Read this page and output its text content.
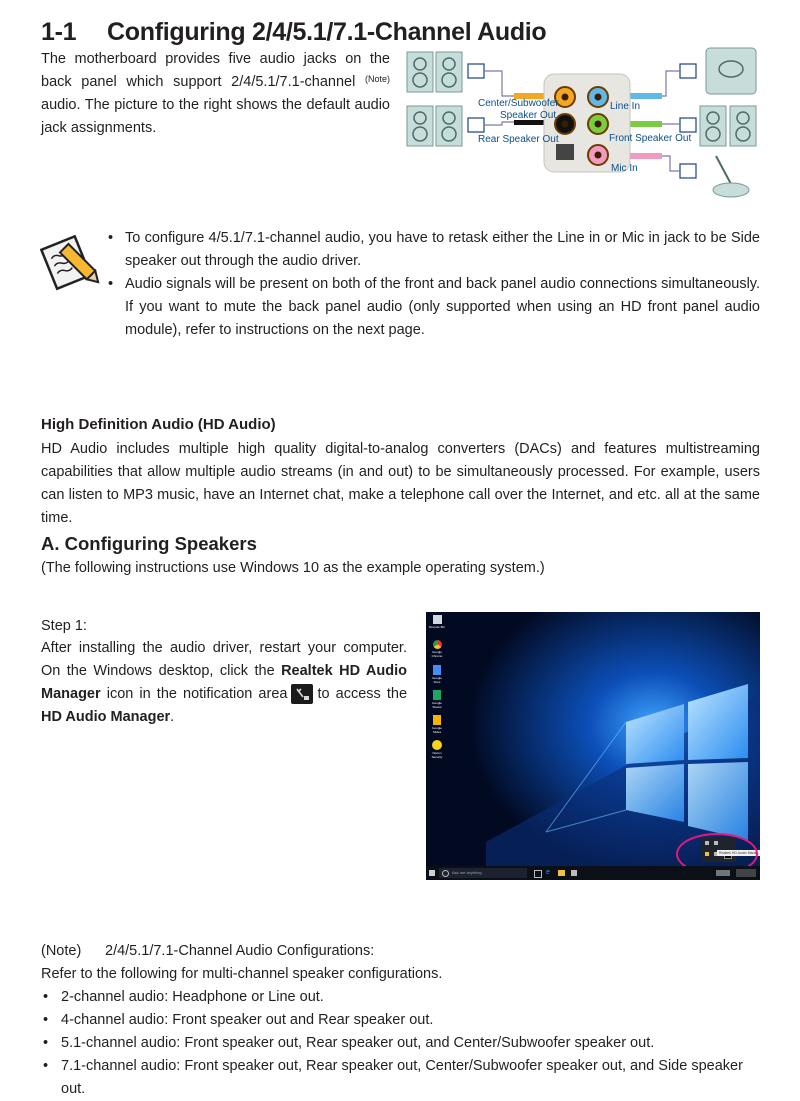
1-1 Configuring 2/4/5.1/7.1-Channel Audio
The motherboard provides five audio jacks on the back panel which support 2/4/5.1/7.1-channel $^{(Note)}$ audio. The picture to the right shows the default audio jack assignments.
Center/Subwoofer
Speaker Out
Rear Speaker Out
Line In
Front Speaker Out
Mic In
• To configure 4/5.1/7.1-channel audio, you have to retask either the Line in or Mic in jack to be Side speaker out through the audio driver.
• Audio signals will be present on both of the front and back panel audio connections simultaneously. If you want to mute the back panel audio (only supported when using an HD front panel audio module), refer to instructions on the next page.
High Definition Audio (HD Audio)
HD Audio includes multiple high quality digital-to-analog converters (DACs) and features multistreaming capabilities that allow multiple audio streams (in and out) to be simultaneously processed. For example, users can listen to MP3 music, have an Internet chat, make a telephone call over the Internet, and etc. all at the same time.
A. Configuring Speakers
(The following instructions use Windows 10 as the example operating system.)
Step 1:
After installing the audio driver, restart your computer. On the Windows desktop, click the Realtek HD Audio Manager icon in the notification area to access the HD Audio Manager.
Recycle Bin
Google Chrome
Google Docs
Google Sheets
Google Slides
Norton Security
Realtek HD Audio Mana...
Ask me anything	e
(Note) 2/4/5.1/7.1-Channel Audio Configurations:
Refer to the following for multi-channel speaker configurations.
• 2-channel audio: Headphone or Line out.
• 4-channel audio: Front speaker out and Rear speaker out.
• 5.1-channel audio: Front speaker out, Rear speaker out, and Center/Subwoofer speaker out.
• 7.1-channel audio: Front speaker out, Rear speaker out, Center/Subwoofer speaker out, and Side speaker out.
